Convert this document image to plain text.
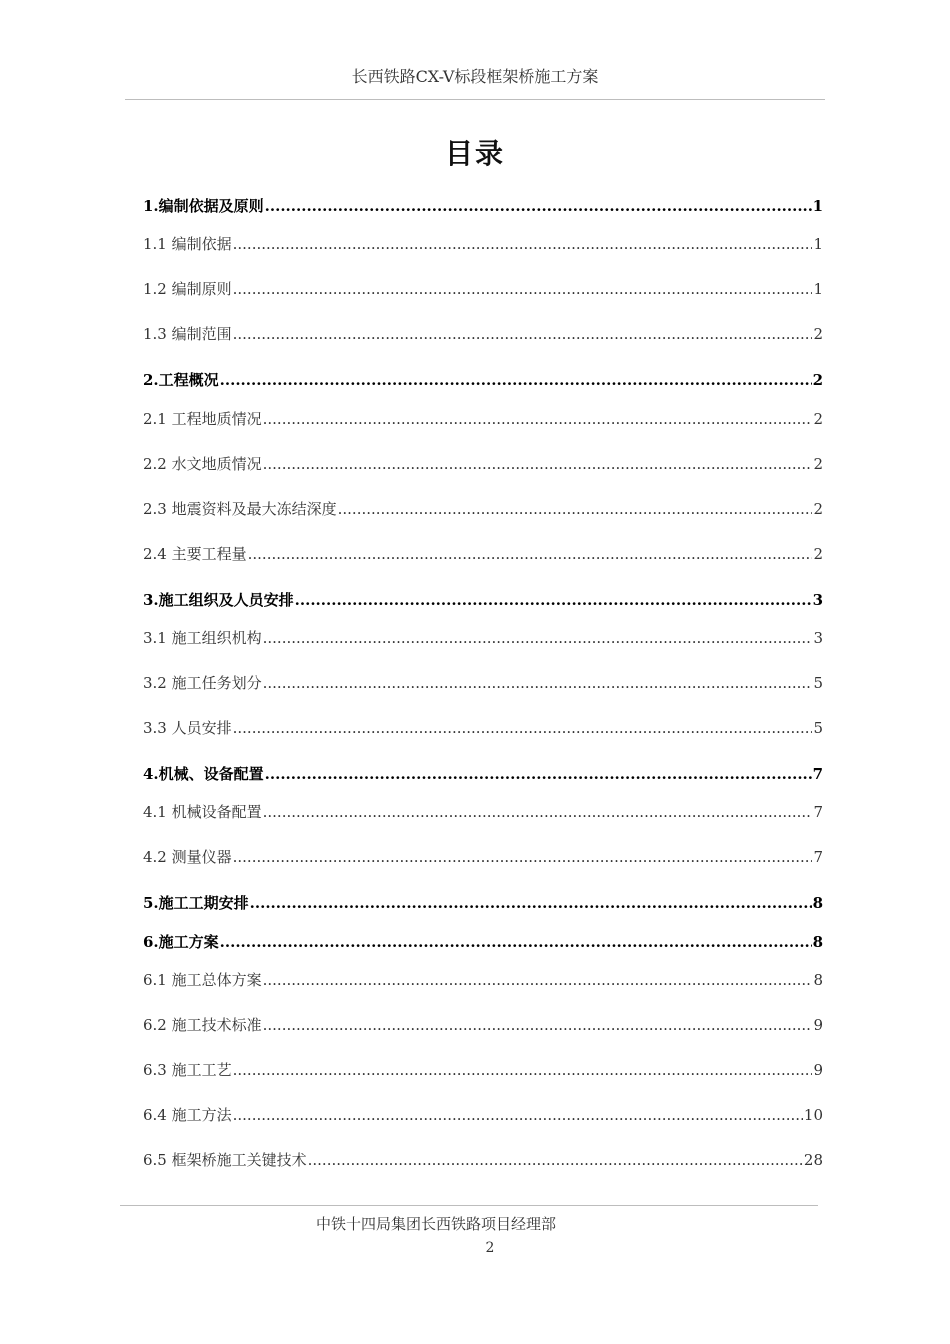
长西铁路CX-V标段框架桥施工方案
目录
1.编制依据及原则 .....	1
1.1 编制依据 .....	1
1.2 编制原则 .....	1
1.3 编制范围 .....	2
2.工程概况 .....	2
2.1 工程地质情况 .....	2
2.2 水文地质情况 .....	2
2.3 地震资料及最大冻结深度 .....	2
2.4 主要工程量 .....	2
3.施工组织及人员安排 .....	3
3.1 施工组织机构 .....	3
3.2 施工任务划分 .....	5
3.3 人员安排 .....	5
4.机械、设备配置 .....	7
4.1 机械设备配置 .....	7
4.2 测量仪器 .....	7
5.施工工期安排 .....	8
6.施工方案 .....	8
6.1 施工总体方案 .....	8
6.2 施工技术标准 .....	9
6.3 施工工艺 .....	9
6.4 施工方法 .....	10
6.5 框架桥施工关键技术 .....	28
中铁十四局集团长西铁路项目经理部
2
